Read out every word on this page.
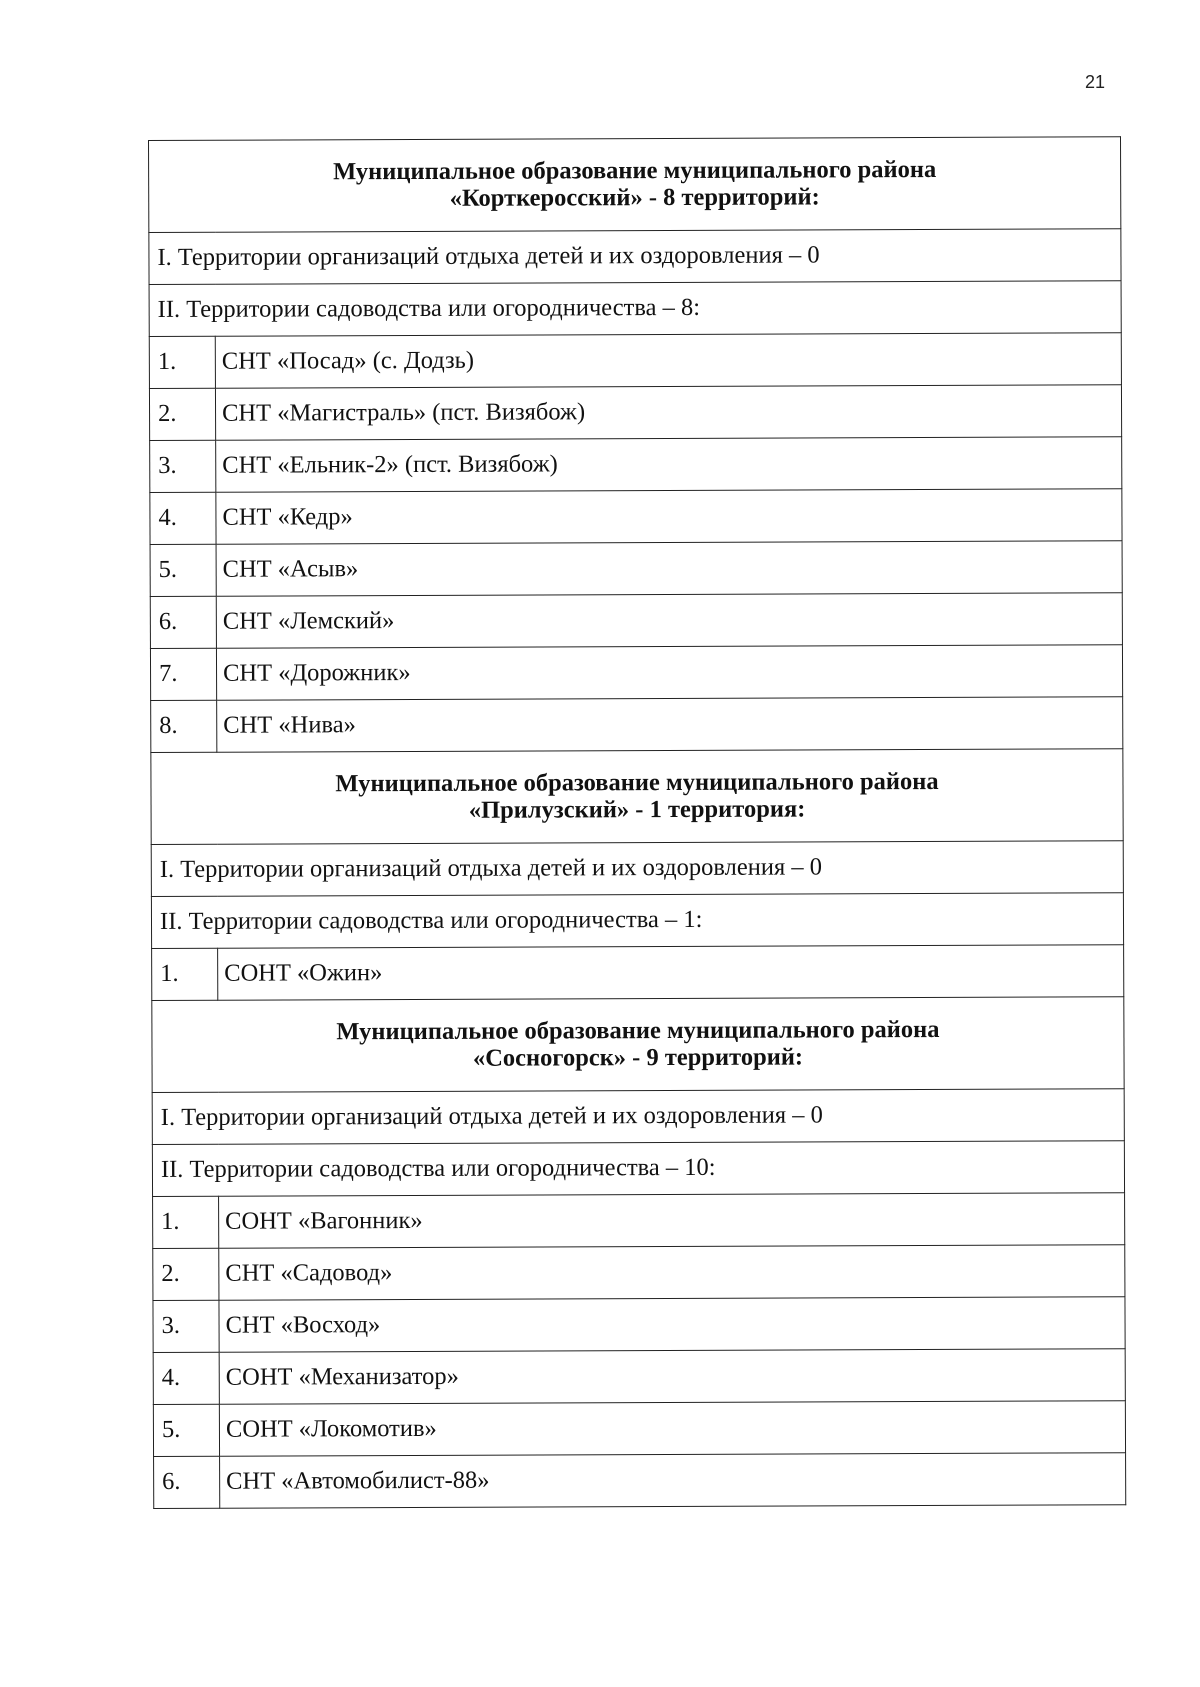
21
Муниципальное образование муниципального района
«Корткеросский» - 8 территорий:	

I. Территории организаций отдыха детей и их оздоровления – 0	
II. Территории садоводства или огородничества – 8:	
1.	СНТ «Посад» (с. Додзь)
2.	СНТ «Магистраль» (пст. Визябож)
3.	СНТ «Ельник-2» (пст. Визябож)
4.	СНТ «Кедр»
5.	СНТ «Асыв»
6.	СНТ «Лемский»
7.	СНТ «Дорожник»
8.	СНТ «Нива»

Муниципальное образование муниципального района
«Прилузский» - 1 территория:	

I. Территории организаций отдыха детей и их оздоровления – 0	
II. Территории садоводства или огородничества – 1:	
1.	СОНТ «Ожин»

Муниципальное образование муниципального района
«Сосногорск» - 9 территорий:	

I. Территории организаций отдыха детей и их оздоровления – 0	
II. Территории садоводства или огородничества – 10:	
1.	СОНТ «Вагонник»
2.	СНТ «Садовод»
3.	СНТ «Восход»
4.	СОНТ «Механизатор»
5.	СОНТ «Локомотив»
6.	СНТ «Автомобилист-88»
